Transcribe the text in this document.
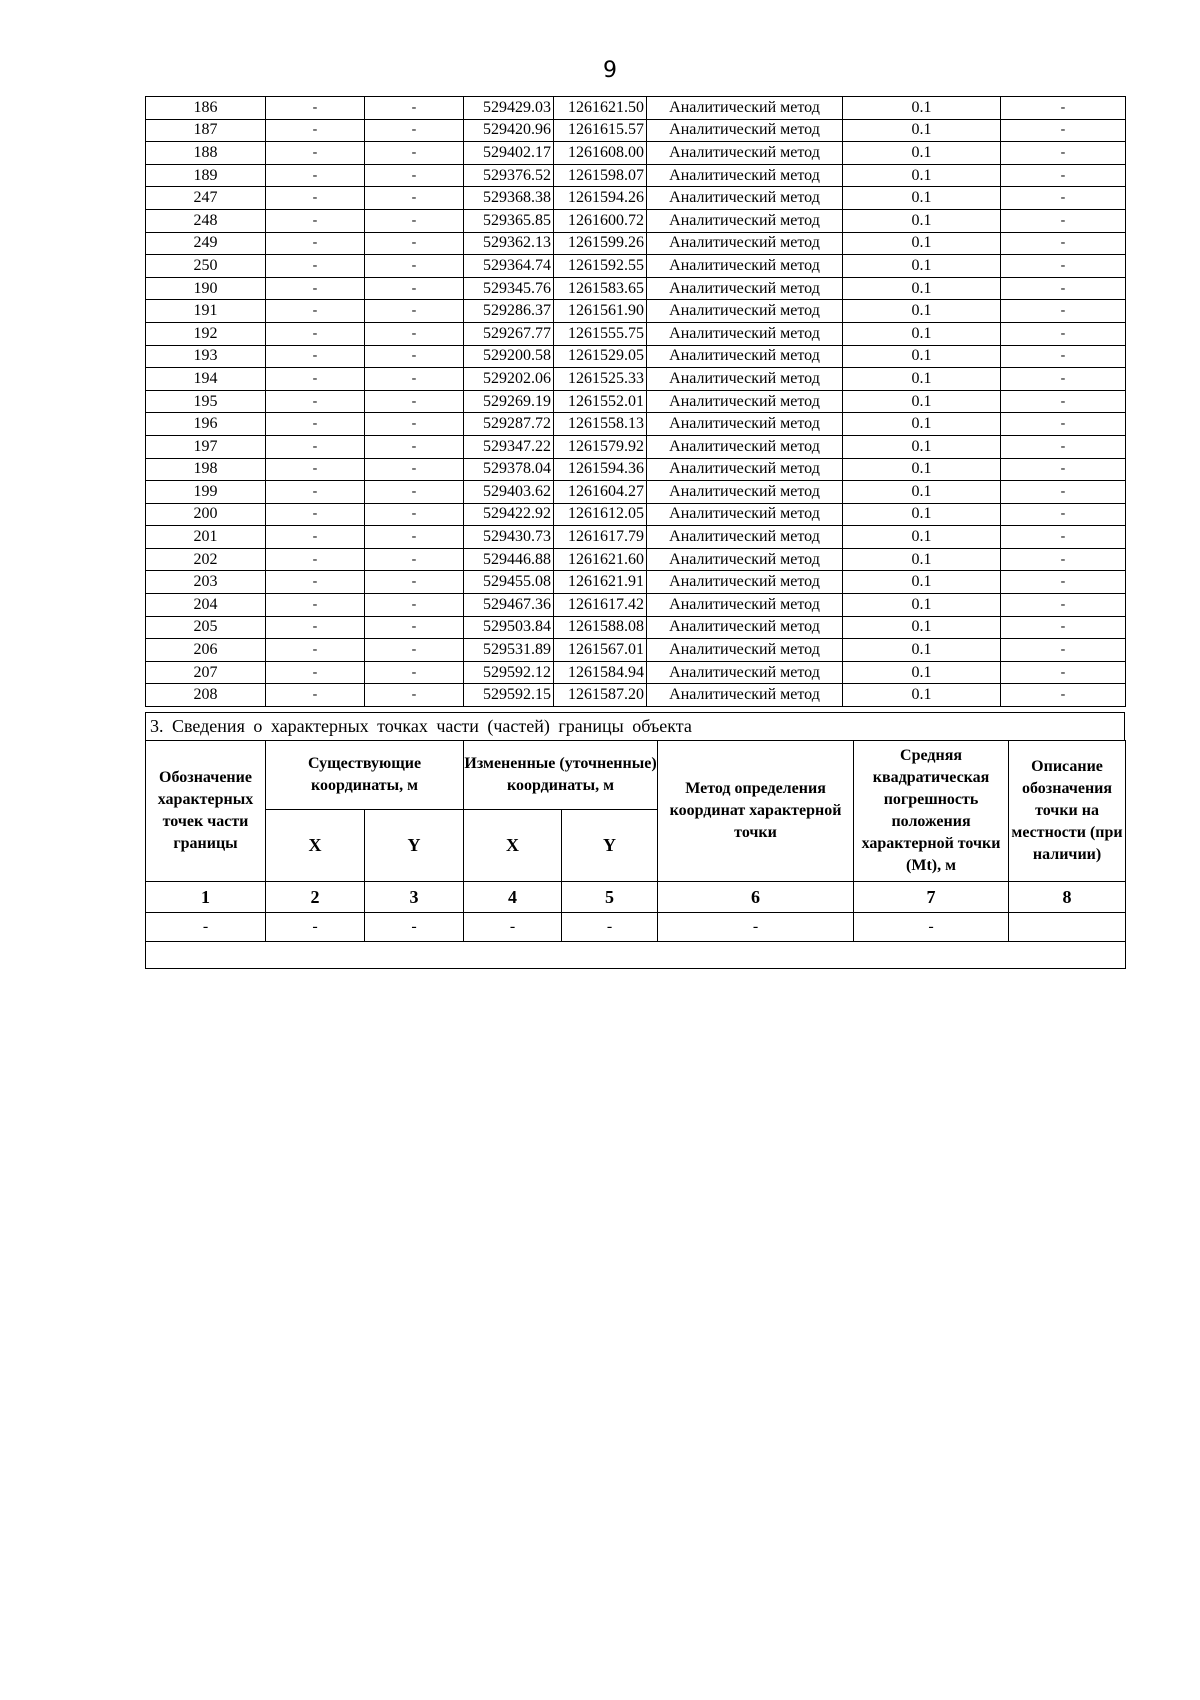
9
186	-	-	529429.03	1261621.50	Аналитический метод	0.1	-
187	-	-	529420.96	1261615.57	Аналитический метод	0.1	-
188	-	-	529402.17	1261608.00	Аналитический метод	0.1	-
189	-	-	529376.52	1261598.07	Аналитический метод	0.1	-
247	-	-	529368.38	1261594.26	Аналитический метод	0.1	-
248	-	-	529365.85	1261600.72	Аналитический метод	0.1	-
249	-	-	529362.13	1261599.26	Аналитический метод	0.1	-
250	-	-	529364.74	1261592.55	Аналитический метод	0.1	-
190	-	-	529345.76	1261583.65	Аналитический метод	0.1	-
191	-	-	529286.37	1261561.90	Аналитический метод	0.1	-
192	-	-	529267.77	1261555.75	Аналитический метод	0.1	-
193	-	-	529200.58	1261529.05	Аналитический метод	0.1	-
194	-	-	529202.06	1261525.33	Аналитический метод	0.1	-
195	-	-	529269.19	1261552.01	Аналитический метод	0.1	-
196	-	-	529287.72	1261558.13	Аналитический метод	0.1	-
197	-	-	529347.22	1261579.92	Аналитический метод	0.1	-
198	-	-	529378.04	1261594.36	Аналитический метод	0.1	-
199	-	-	529403.62	1261604.27	Аналитический метод	0.1	-
200	-	-	529422.92	1261612.05	Аналитический метод	0.1	-
201	-	-	529430.73	1261617.79	Аналитический метод	0.1	-
202	-	-	529446.88	1261621.60	Аналитический метод	0.1	-
203	-	-	529455.08	1261621.91	Аналитический метод	0.1	-
204	-	-	529467.36	1261617.42	Аналитический метод	0.1	-
205	-	-	529503.84	1261588.08	Аналитический метод	0.1	-
206	-	-	529531.89	1261567.01	Аналитический метод	0.1	-
207	-	-	529592.12	1261584.94	Аналитический метод	0.1	-
208	-	-	529592.15	1261587.20	Аналитический метод	0.1	-
3. Сведения о характерных точках части (частей) границы объекта
Обозначение характерных точек части границы	Существующие координаты, м		Измененные (уточненные) координаты, м		Метод определения координат характерной точки	Средняя квадратическая погрешность положения характерной точки (Mt), м	Описание обозначения точки на местности (при наличии)
	X	Y	X	Y			
1	2	3	4	5	6	7	8
-	-	-	-	-	-	-	
